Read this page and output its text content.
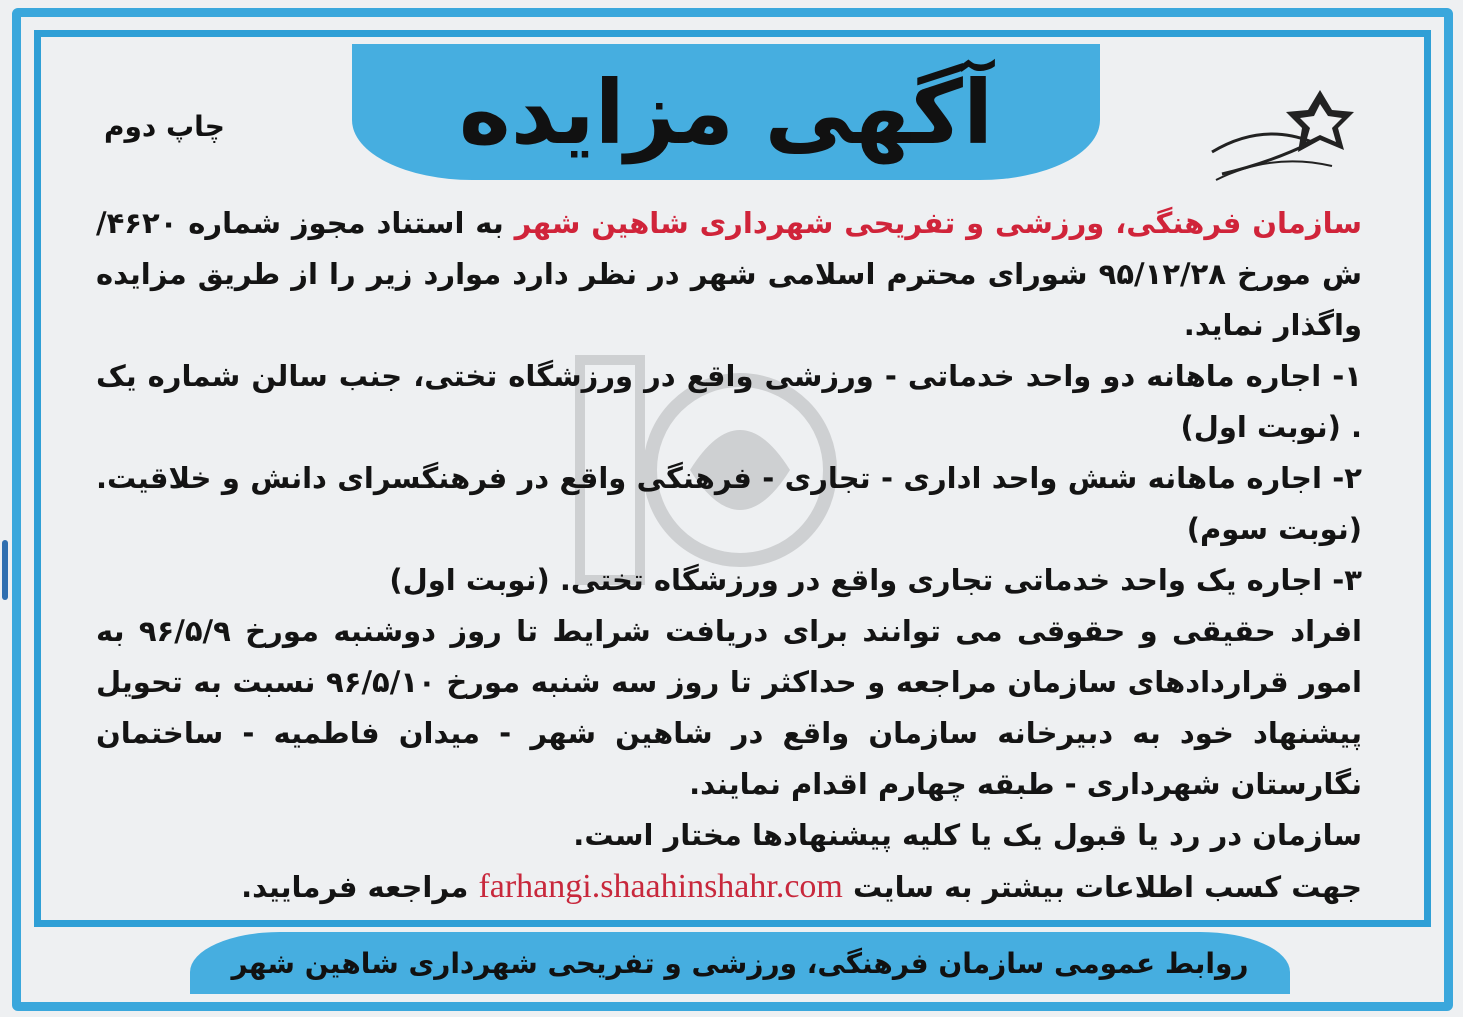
آگهی مزایده
چاپ دوم

سازمان فرهنگی، ورزشی و تفریحی شهرداری شاهین شهر به استناد مجوز شماره ۴۶۲۰/ش مورخ ۹۵/۱۲/۲۸ شورای محترم اسلامی شهر در نظر دارد موارد زیر را از طریق مزایده واگذار نماید.

۱- اجاره ماهانه دو واحد خدماتی - ورزشی واقع در ورزشگاه تختی، جنب سالن شماره یک . (نوبت اول)

۲- اجاره ماهانه شش واحد اداری - تجاری - فرهنگی واقع در فرهنگسرای دانش و خلاقیت. (نوبت سوم)

۳- اجاره یک واحد خدماتی تجاری واقع در ورزشگاه تختی. (نوبت اول)

افراد حقیقی و حقوقی می توانند برای دریافت شرایط تا روز دوشنبه مورخ ۹۶/۵/۹ به امور قراردادهای سازمان مراجعه و حداکثر تا روز سه شنبه مورخ ۹۶/۵/۱۰ نسبت به تحویل پیشنهاد خود به دبیرخانه سازمان واقع در شاهین شهر - میدان فاطمیه - ساختمان نگارستان شهرداری - طبقه چهارم اقدام نمایند.

سازمان در رد یا قبول یک یا کلیه پیشنهادها مختار است.

جهت کسب اطلاعات بیشتر به سایت farhangi.shaahinshahr.com مراجعه فرمایید.

روابط عمومی سازمان فرهنگی، ورزشی و تفریحی شهرداری شاهین شهر
